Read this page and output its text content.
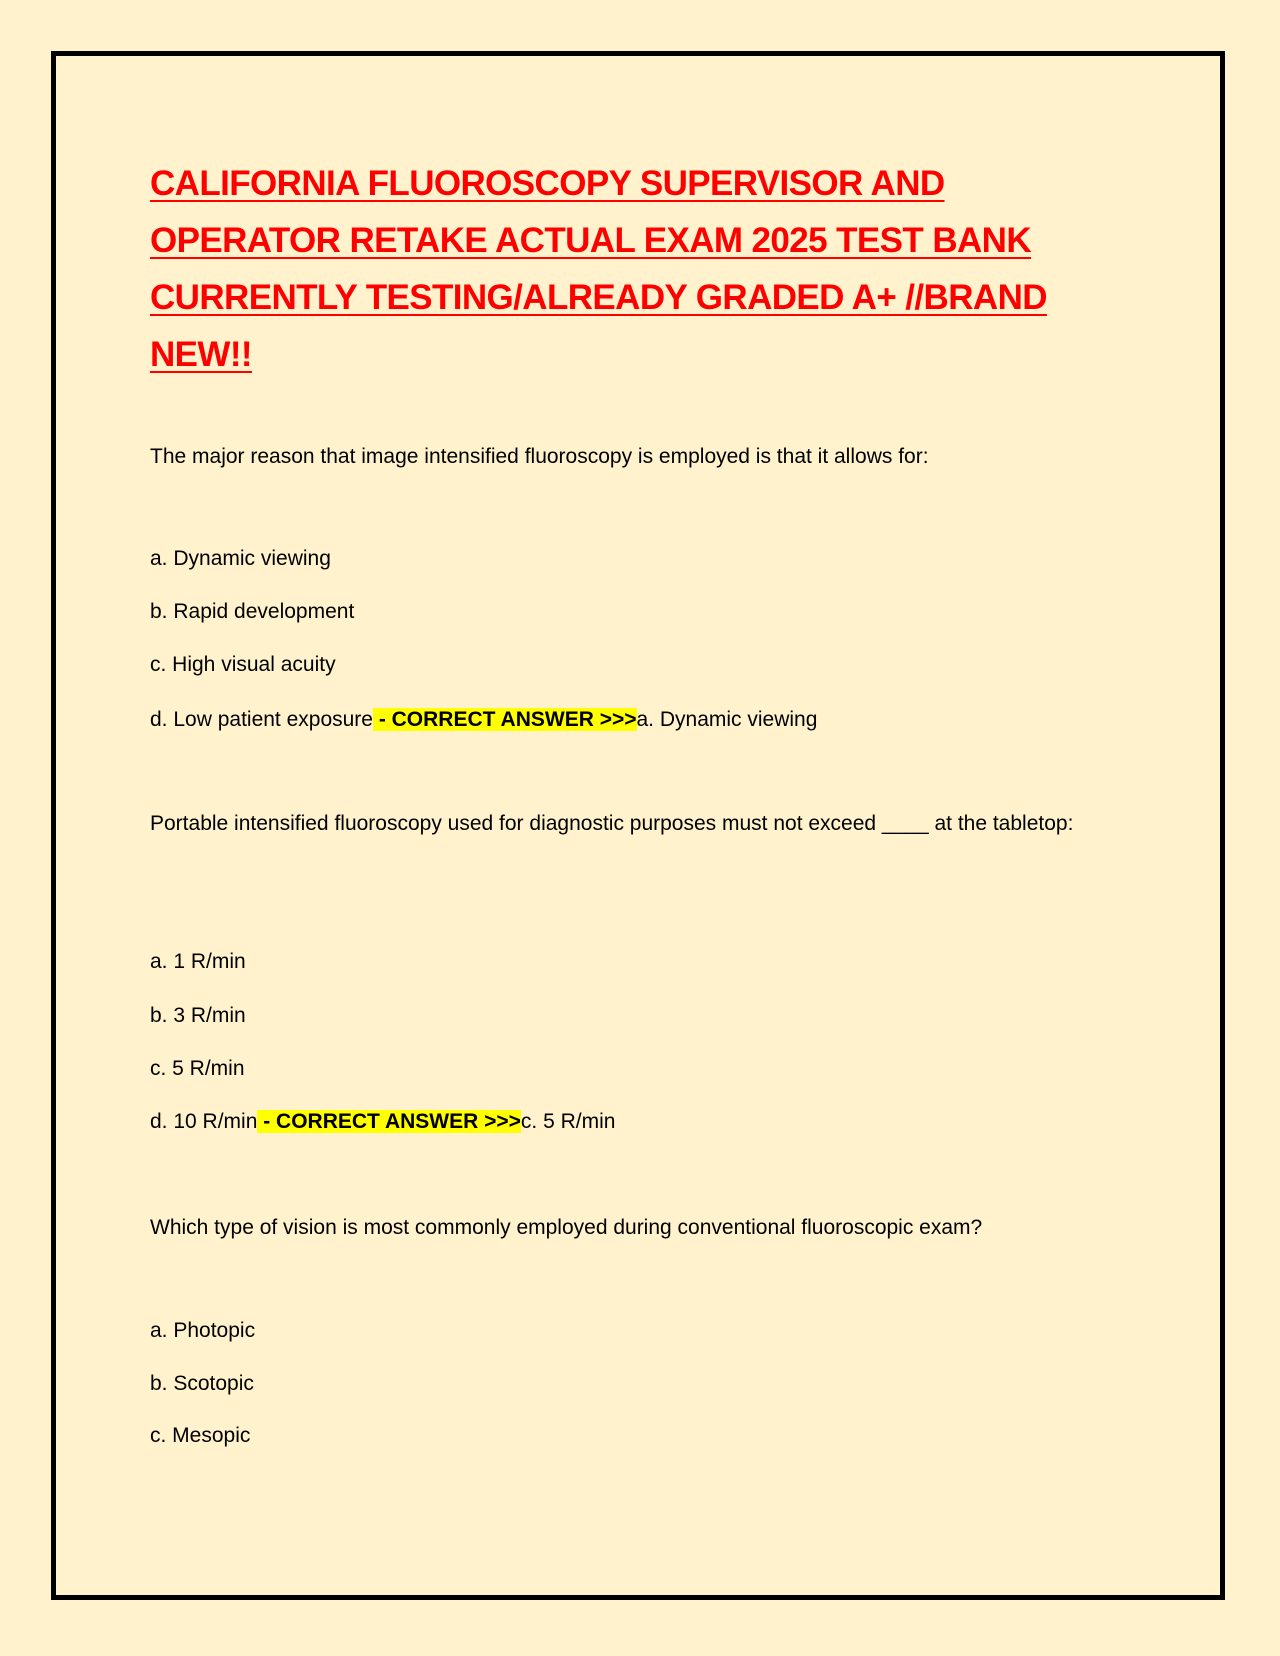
CALIFORNIA FLUOROSCOPY SUPERVISOR AND OPERATOR RETAKE ACTUAL EXAM 2025 TEST BANK CURRENTLY TESTING/ALREADY GRADED A+ //BRAND NEW!!

The major reason that image intensified fluoroscopy is employed is that it allows for:

a. Dynamic viewing

b. Rapid development

c. High visual acuity

d. Low patient exposure - CORRECT ANSWER >>>a. Dynamic viewing

Portable intensified fluoroscopy used for diagnostic purposes must not exceed ____ at the tabletop:

a. 1 R/min

b. 3 R/min

c. 5 R/min

d. 10 R/min - CORRECT ANSWER >>>c. 5 R/min

Which type of vision is most commonly employed during conventional fluoroscopic exam?

a. Photopic

b. Scotopic

c. Mesopic
